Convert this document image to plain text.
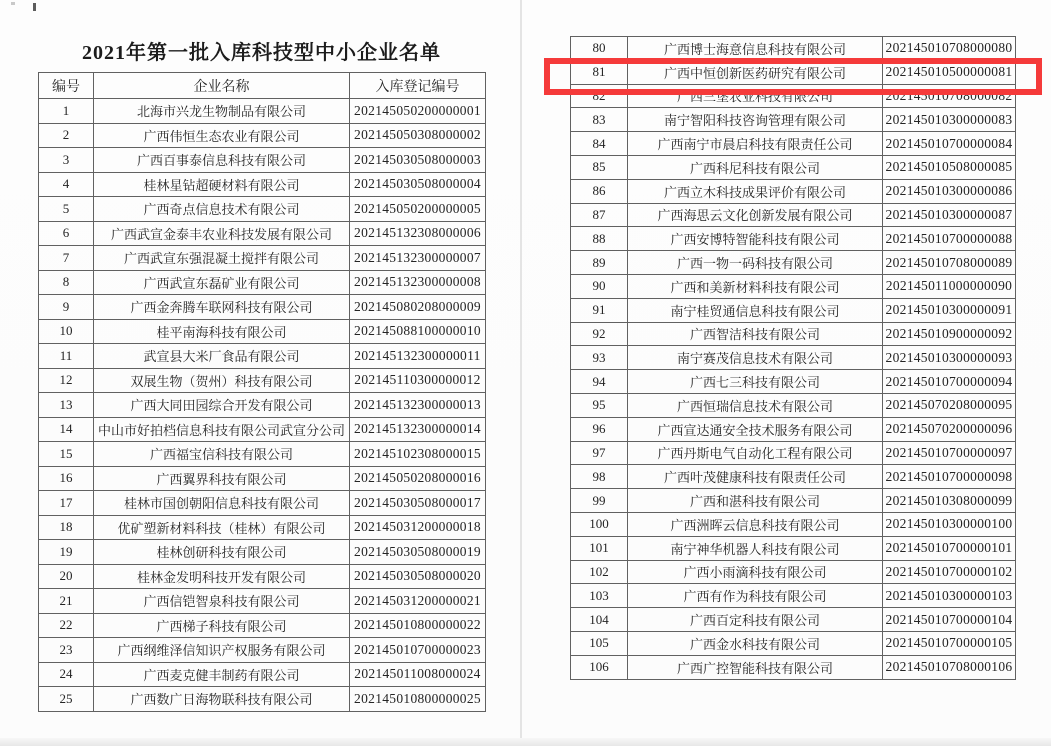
2021年第一批入库科技型中小企业名单
编号	企业名称	入库登记编号
1	北海市兴龙生物制品有限公司	202145050200000001
2	广西伟恒生态农业有限公司	202145050308000002
3	广西百事泰信息科技有限公司	202145030508000003
4	桂林星钻超硬材料有限公司	202145030508000004
5	广西奇点信息技术有限公司	202145050200000005
6	广西武宣金泰丰农业科技发展有限公司	202145132308000006
7	广西武宣东强混凝土搅拌有限公司	202145132300000007
8	广西武宣东磊矿业有限公司	202145132300000008
9	广西金奔腾车联网科技有限公司	202145080208000009
10	桂平南海科技有限公司	202145088100000010
11	武宣县大米厂食品有限公司	202145132300000011
12	双展生物（贺州）科技有限公司	202145110300000012
13	广西大同田园综合开发有限公司	202145132300000013
14	中山市好拍档信息科技有限公司武宣分公司	202145132300000014
15	广西福宝信科技有限公司	202145102308000015
16	广西翼界科技有限公司	202145050208000016
17	桂林市国创朝阳信息科技有限公司	202145030508000017
18	优矿塑新材料科技（桂林）有限公司	202145031200000018
19	桂林创研科技有限公司	202145030508000019
20	桂林金发明科技开发有限公司	202145030508000020
21	广西信铠智泉科技有限公司	202145031200000021
22	广西梯子科技有限公司	202145010800000022
23	广西纲维泽信知识产权服务有限公司	202145010700000023
24	广西麦克健丰制药有限公司	202145011008000024
25	广西数广日海物联科技有限公司	202145010800000025
80	广西博士海意信息科技有限公司	202145010708000080
81	广西中恒创新医药研究有限公司	202145010500000081
82	广西三堡农业科技有限公司	202145010708000082
83	南宁智阳科技咨询管理有限公司	202145010300000083
84	广西南宁市晨启科技有限责任公司	202145010700000084
85	广西科尼科技有限公司	202145010508000085
86	广西立木科技成果评价有限公司	202145010300000086
87	广西海思云文化创新发展有限公司	202145010300000087
88	广西安博特智能科技有限公司	202145010700000088
89	广西一物一码科技有限公司	202145010708000089
90	广西和美新材料科技有限公司	202145011000000090
91	南宁桂贸通信息科技有限公司	202145010300000091
92	广西智洁科技有限公司	202145010900000092
93	南宁赛茂信息技术有限公司	202145010300000093
94	广西七三科技有限公司	202145010700000094
95	广西恒瑞信息技术有限公司	202145070208000095
96	广西宣达通安全技术服务有限公司	202145070200000096
97	广西丹斯电气自动化工程有限公司	202145010700000097
98	广西叶茂健康科技有限责任公司	202145010700000098
99	广西和湛科技有限公司	202145010308000099
100	广西洲晖云信息科技有限公司	202145010300000100
101	南宁神华机器人科技有限公司	202145010700000101
102	广西小雨滴科技有限公司	202145010700000102
103	广西有作为科技有限公司	202145010300000103
104	广西百定科技有限公司	202145010700000104
105	广西金水科技有限公司	202145010700000105
106	广西广控智能科技有限公司	202145010708000106
